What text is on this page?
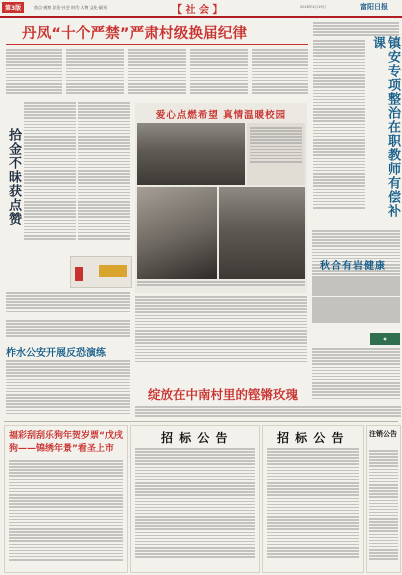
第3版	焦点·观察 法治·社会 时代·人物 文化·副刊	【 社 会 】	2016年4月19日	富阳日报
丹凤“十个严禁”严肃村级换届纪律
镇安专项整治在职教师有偿补课
拾金不昧获点赞
爱心点燃希望 真情温暖校园
秋合有岩健康
◉
柞水公安开展反恐演练
绽放在中南村里的铿锵玫瑰
福彩刮刮乐狗年贺岁票“戊戌狗——锦绣年景”看圣上市
招 标 公 告	招 标 公 告	注销公告
